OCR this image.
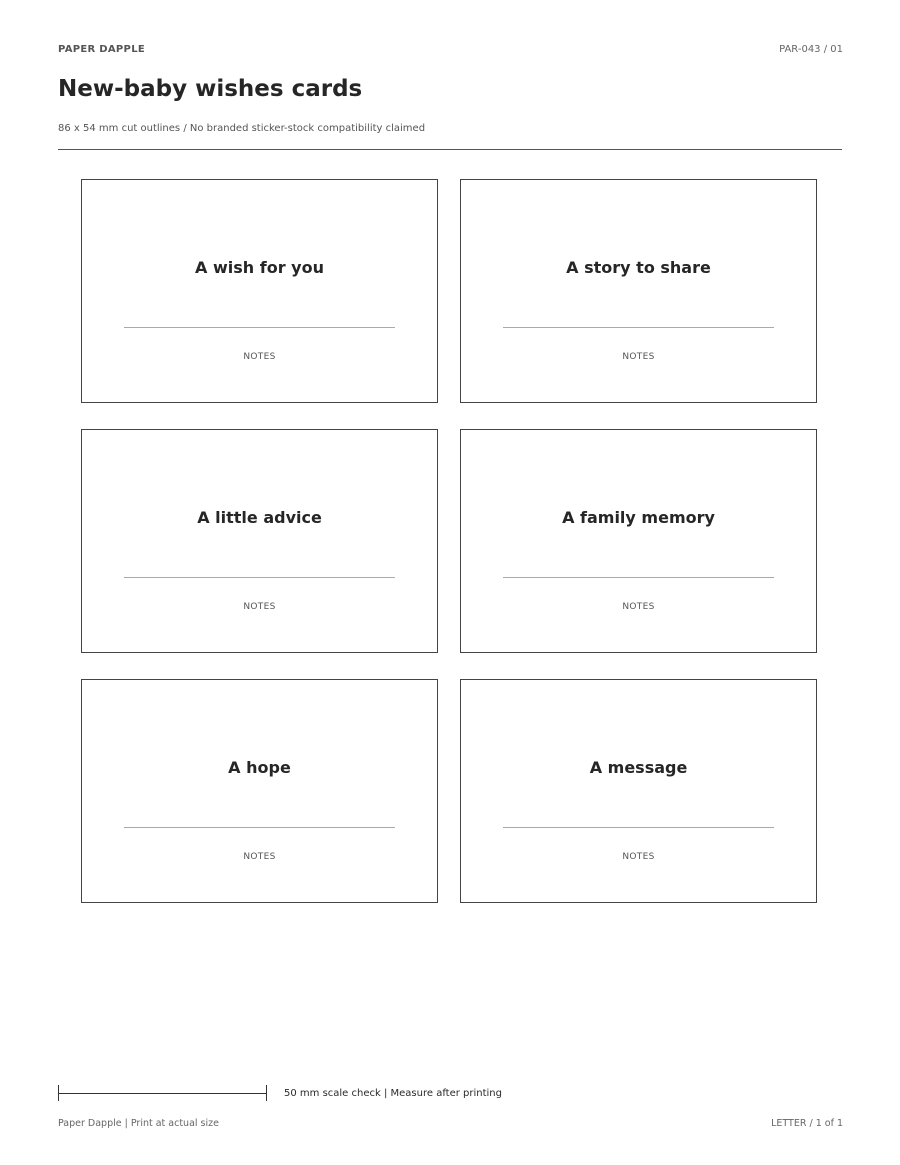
PAPER DAPPLE	PAR-043 / 01
New-baby wishes cards
86 x 54 mm cut outlines / No branded sticker-stock compatibility claimed
A wish for you
NOTES
A story to share
NOTES
A little advice
NOTES
A family memory
NOTES
A hope
NOTES
A message
NOTES
50 mm scale check | Measure after printing
Paper Dapple | Print at actual size	LETTER / 1 of 1
